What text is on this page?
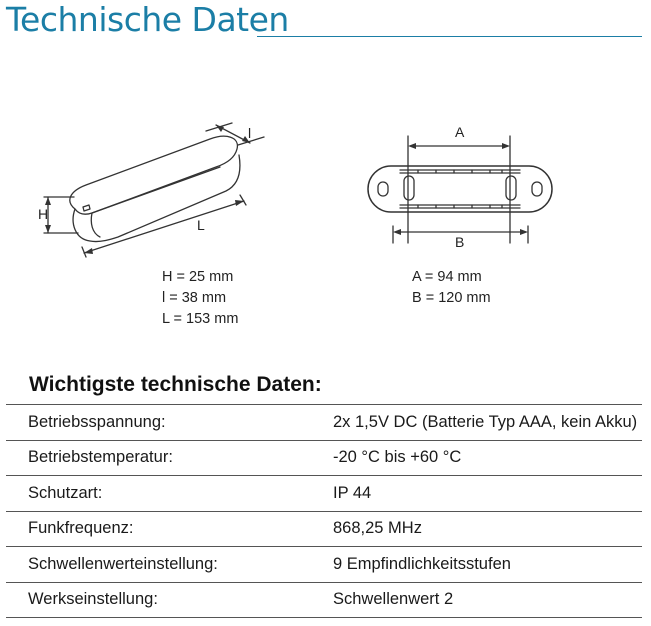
Technische Daten
H
l
L
H = 25 mm
l = 38 mm
L = 153 mm
A
B
A = 94 mm
B = 120 mm
Wichtigste technische Daten:
Betriebsspannung:	2x 1,5V DC (Batterie Typ AAA, kein Akku)
Betriebstemperatur:	-20 °C bis +60 °C
Schutzart:	IP 44
Funkfrequenz:	868,25 MHz
Schwellenwerteinstellung:	9 Empfindlichkeitsstufen
Werkseinstellung:	Schwellenwert 2
